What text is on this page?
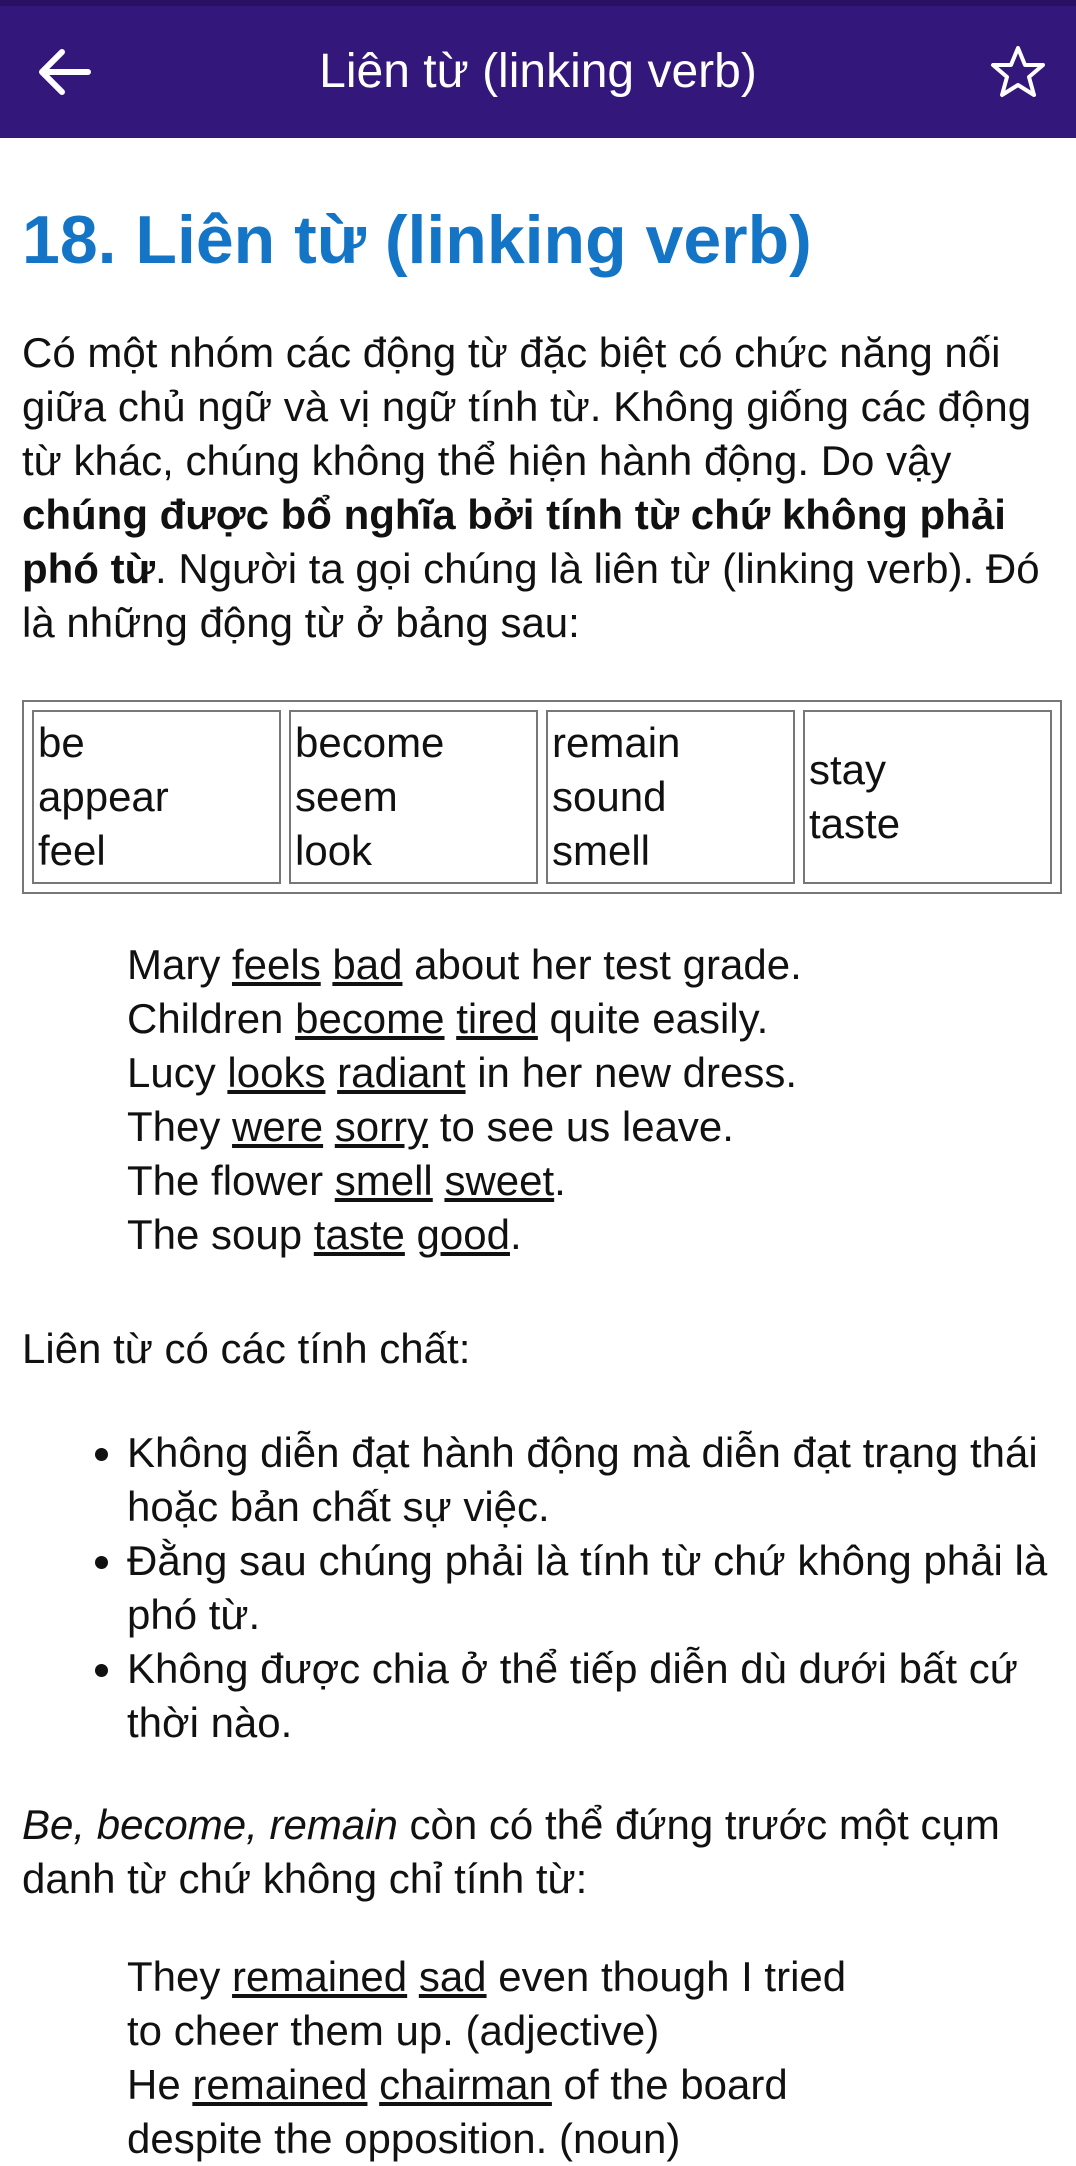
Liên từ (linking verb)
18. Liên từ (linking verb)

Có một nhóm các động từ đặc biệt có chức năng nối giữa chủ ngữ và vị ngữ tính từ. Không giống các động từ khác, chúng không thể hiện hành động. Do vậy chúng được bổ nghĩa bởi tính từ chứ không phải phó từ. Người ta gọi chúng là liên từ (linking verb). Đó là những động từ ở bảng sau:

be
appear
feel

become
seem
look

remain
sound
smell

stay
taste
Mary feels bad about her test grade.
Children become tired quite easily.
Lucy looks radiant in her new dress.
They were sorry to see us leave.
The flower smell sweet.
The soup taste good.

Liên từ có các tính chất:

• Không diễn đạt hành động mà diễn đạt trạng thái hoặc bản chất sự việc.
• Đằng sau chúng phải là tính từ chứ không phải là phó từ.
• Không được chia ở thể tiếp diễn dù dưới bất cứ thời nào.

Be, become, remain còn có thể đứng trước một cụm danh từ chứ không chỉ tính từ:

They remained sad even though I tried
to cheer them up. (adjective)
He remained chairman of the board
despite the opposition. (noun)
